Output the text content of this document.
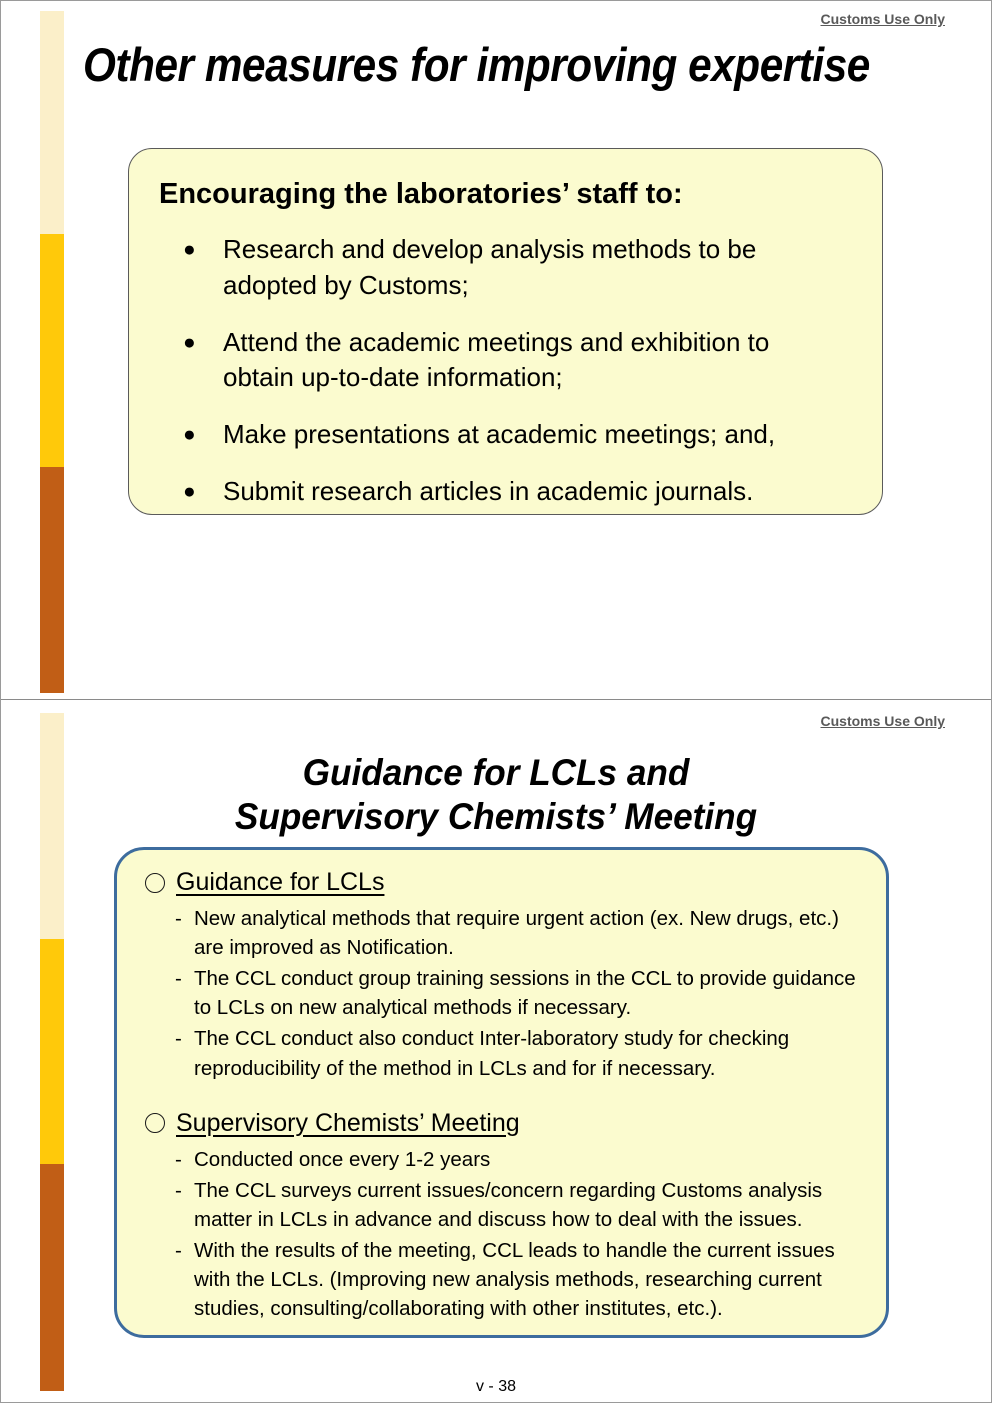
Customs Use Only
Other measures for improving expertise
Encouraging the laboratories’ staff to:
●	Research and develop analysis methods to be adopted by Customs;
●	Attend the academic meetings and exhibition to obtain up-to-date information;
●	Make presentations at academic meetings; and,
●	Submit research articles in academic journals.
Customs Use Only
Guidance for LCLs and
Supervisory Chemists’ Meeting
Guidance for LCLs
- New analytical methods that require urgent action (ex. New drugs, etc.) are improved as Notification.
- The CCL conduct group training sessions in the CCL to provide guidance to LCLs on new analytical methods if necessary.
- The CCL conduct also conduct Inter-laboratory study for checking reproducibility of the method in LCLs and for if necessary.
Supervisory Chemists’ Meeting
- Conducted once every 1-2 years
- The CCL surveys current issues/concern regarding Customs analysis matter in LCLs in advance and discuss how to deal with the issues.
- With the results of the meeting, CCL leads to handle the current issues with the LCLs. (Improving new analysis methods, researching current studies, consulting/collaborating with other institutes, etc.).
v - 38
